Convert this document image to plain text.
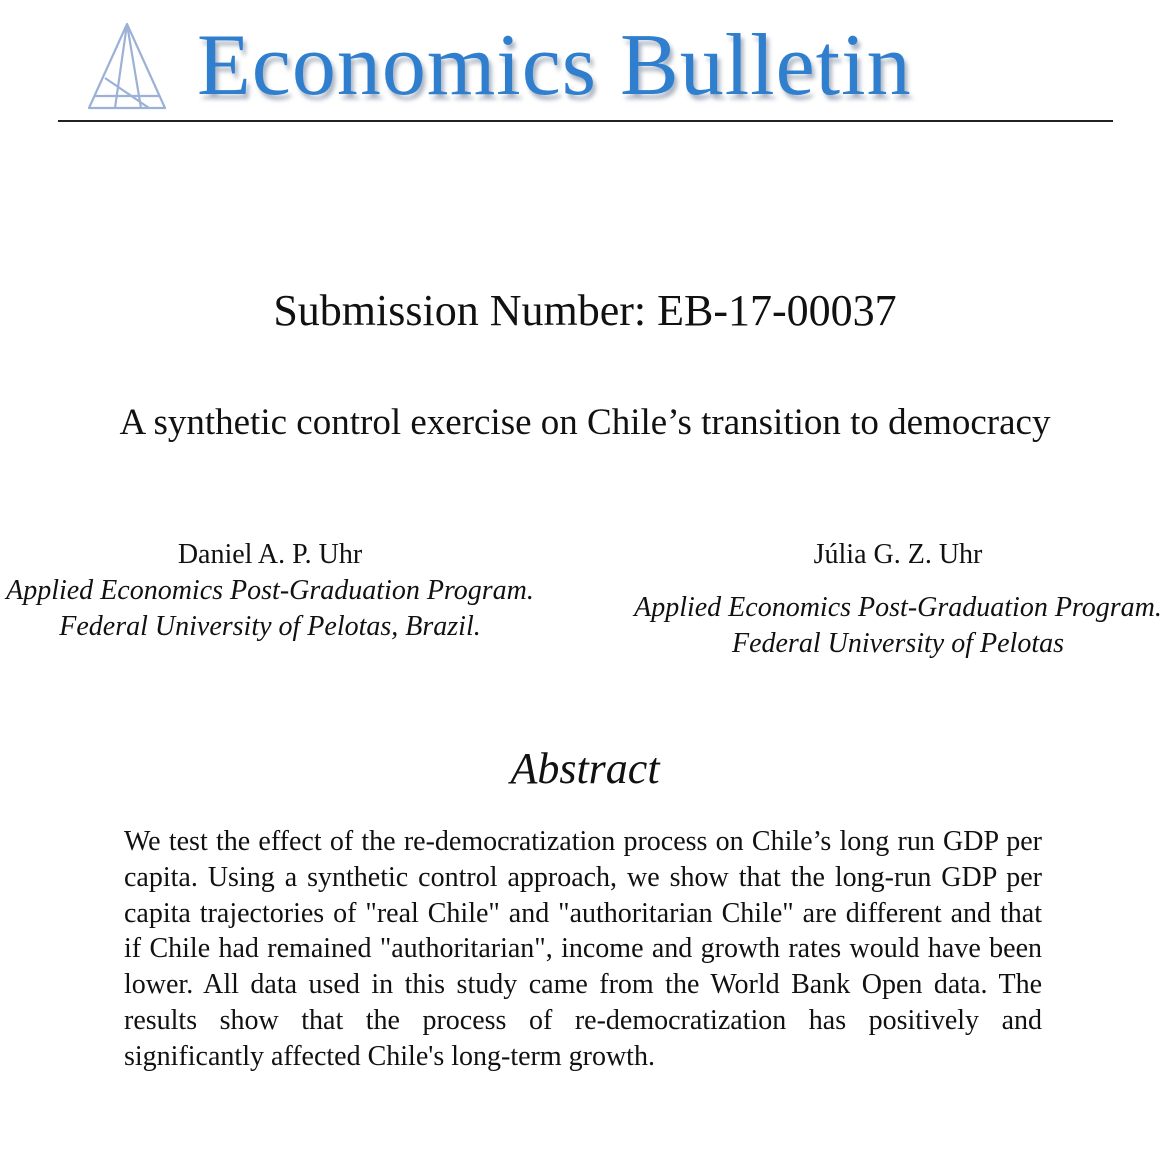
Economics Bulletin
Submission Number: EB-17-00037
A synthetic control exercise on Chile’s transition to democracy
Daniel A. P. Uhr
Applied Economics Post-Graduation Program. Federal University of Pelotas, Brazil.
Júlia G. Z. Uhr
Applied Economics Post-Graduation Program. Federal University of Pelotas
Abstract
We test the effect of the re-democratization process on Chile’s long run GDP per capita. Using a synthetic control approach, we show that the long-run GDP per capita trajectories of "real Chile" and "authoritarian Chile" are different and that if Chile had remained "authoritarian", income and growth rates would have been lower. All data used in this study came from the World Bank Open data. The results show that the process of re-democratization has positively and significantly affected Chile's long-term growth.
